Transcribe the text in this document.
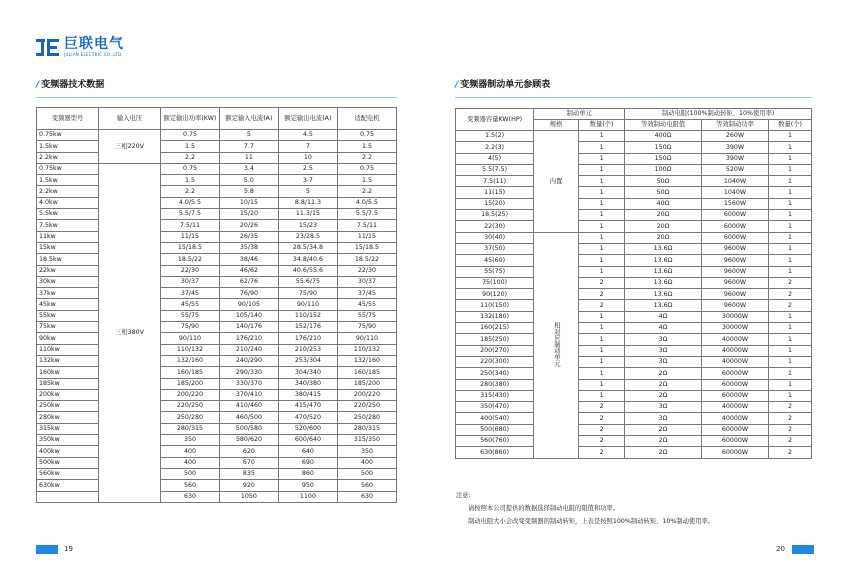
巨联电气
JULIAN ELECTRIC CO.,LTD.
/ 变频器技术数据	/ 变频器制动单元参顾表
变频器型号	输入电压	额定输出功率(KW)	额定输入电流(A)	额定输出电流(A)	适配电机
0.75kw	三相220V	0.75	5	4.5	0.75
1.5kw		1.5	7.7	7	1.5
2.2kw		2.2	11	10	2.2
0.75kw	三相380V	0.75	3.4	2.5	0.75
1.5kw		1.5	5.0	3.7	1.5
2.2kw		2.2	5.8	5	2.2
4.0kw		4.0/5.5	10/15	8.8/11.3	4.0/5.5
5.5kw		5.5/7.5	15/20	11.3/15	5.5/7.5
7.5kw		7.5/11	20/26	15/23	7.5/11
11kw		11/15	26/35	23/28.5	11/15
15kw		15/18.5	35/38	28.5/34.8	15/18.5
18.5kw		18.5/22	38/46	34.8/40.6	18.5/22
22kw		22/30	46/62	40.6/55.6	22/30
30kw		30/37	62/76	55.6/75	30/37
37kw		37/45	76/90	75/90	37/45
45kw		45/55	90/105	90/110	45/55
55kw		55/75	105/140	110/152	55/75
75kw		75/90	140/176	152/176	75/90
90kw		90/110	176/210	176/210	90/110
110kw		110/132	210/240	210/253	110/132
132kw		132/160	240/290	253/304	132/160
160kw		160/185	290/330	304/340	160/185
185kw		185/200	330/370	340/380	185/200
200kw		200/220	370/410	380/415	200/220
250kw		220/250	410/460	415/470	220/250
280kw		250/280	460/500	470/520	250/280
315kw		280/315	500/580	520/600	280/315
350kw		350	580/620	600/640	315/350
400kw		400	620	640	350
500kw		400	670	690	400
560kw		500	835	860	500
630kw		560	920	950	560
		630	1050	1100	630
变频器容量KW(HP)	制动单元		制动电阻(100%制动转矩、10%使用率)		
	规格	数量(个)	等效制动电阻值	等效制动功率	数量(个)
1.5(2)	内置	1	400Ω	260W	1
2.2(3)		1	150Ω	390W	1
4(5)		1	150Ω	390W	1
5.5(7.5)		1	100Ω	520W	1
7.5(11)		1	50Ω	1040W	1
11(15)		1	50Ω	1040W	1
15(20)		1	40Ω	1560W	1
18.5(25)		1	20Ω	6000W	1
22(30)		1	20Ω	6000W	1
30(40)	相对应制动单元	1	20Ω	6000W	1
37(50)		1	13.6Ω	9600W	1
45(60)		1	13.6Ω	9600W	1
55(75)		1	13.6Ω	9600W	1
75(100)		2	13.6Ω	9600W	2
90(120)		2	13.6Ω	9600W	2
110(150)		2	13.6Ω	9600W	2
132(180)		1	4Ω	30000W	1
160(215)		1	4Ω	30000W	1
185(250)		1	3Ω	40000W	1
200(270)		1	3Ω	40000W	1
220(300)		1	3Ω	40000W	1
250(340)		1	2Ω	60000W	1
280(380)		1	2Ω	60000W	1
315(430)		1	2Ω	60000W	1
350(470)		2	3Ω	40000W	2
400(540)		2	3Ω	40000W	2
500(680)		2	2Ω	60000W	2
560(760)		2	2Ω	60000W	2
630(860)		2	2Ω	60000W	2
注意:
请按照本公司提供的数据选择制动电阻的阻值和功率。
制动电阻大小会改变变频器的制动转矩，上表是按照100%制动转矩、10%制动使用率。
19	20
